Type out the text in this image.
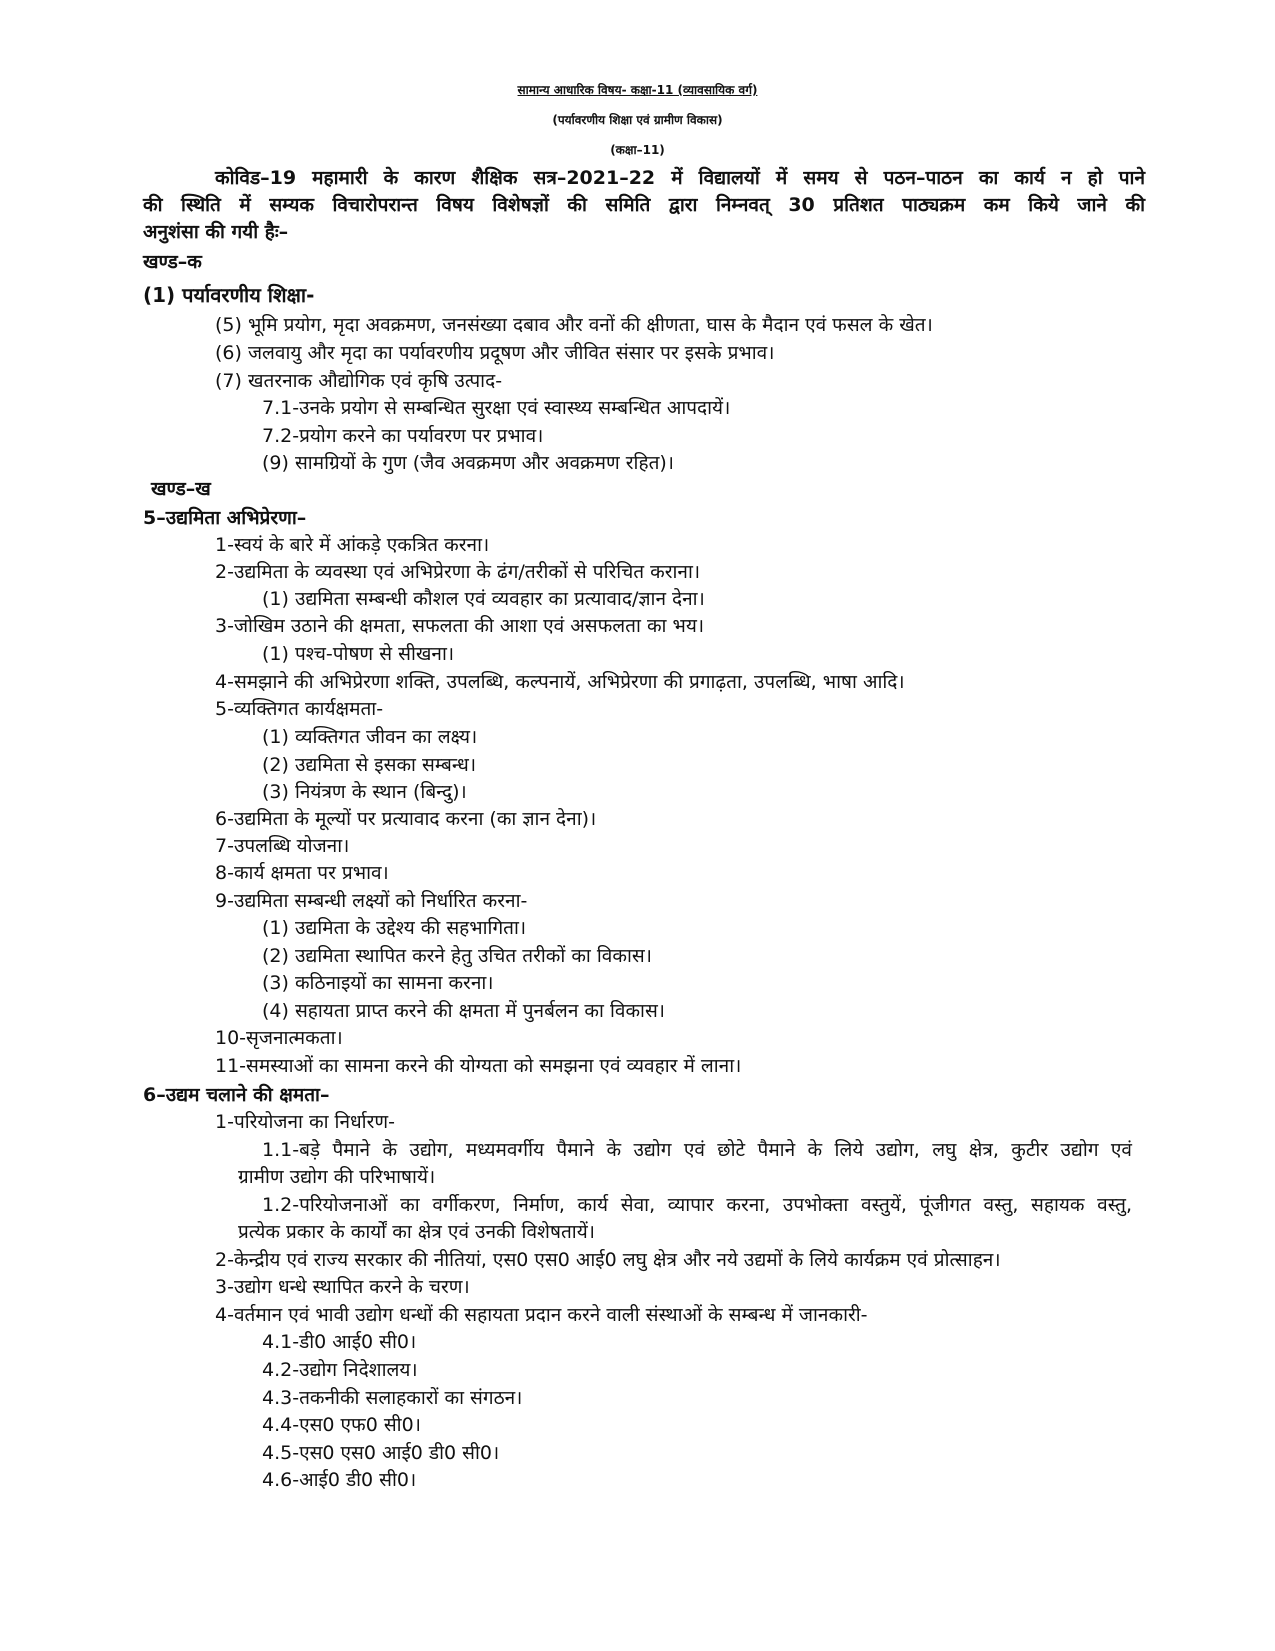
सामान्य आधारिक विषय- कक्षा-11 (व्यावसायिक वर्ग)
(पर्यावरणीय शिक्षा एवं ग्रामीण विकास)
(कक्षा–11)
कोविड–19 महामारी के कारण शैक्षिक सत्र–2021–22 में विद्यालयों में समय से पठन–पाठन का कार्य न हो पाने
की स्थिति में सम्यक विचारोपरान्त विषय विशेषज्ञों की समिति द्वारा निम्नवत् 30 प्रतिशत पाठ्यक्रम कम किये जाने की
अनुशंसा की गयी हैः–
खण्ड–क
(1) पर्यावरणीय शिक्षा-
(5) भूमि प्रयोग, मृदा अवक्रमण, जनसंख्या दबाव और वनों की क्षीणता, घास के मैदान एवं फसल के खेत।
(6) जलवायु और मृदा का पर्यावरणीय प्रदूषण और जीवित संसार पर इसके प्रभाव।
(7) खतरनाक औद्योगिक एवं कृषि उत्पाद-
7.1-उनके प्रयोग से सम्बन्धित सुरक्षा एवं स्वास्थ्य सम्बन्धित आपदायें।
7.2-प्रयोग करने का पर्यावरण पर प्रभाव।
(9) सामग्रियों के गुण (जैव अवक्रमण और अवक्रमण रहित)।
खण्ड–ख
5–उद्यमिता अभिप्रेरणा–
1-स्वयं के बारे में आंकड़े एकत्रित करना।
2-उद्यमिता के व्यवस्था एवं अभिप्रेरणा के ढंग/तरीकों से परिचित कराना।
(1) उद्यमिता सम्बन्धी कौशल एवं व्यवहार का प्रत्यावाद/ज्ञान देना।
3-जोखिम उठाने की क्षमता, सफलता की आशा एवं असफलता का भय।
(1) पश्च-पोषण से सीखना।
4-समझाने की अभिप्रेरणा शक्ति, उपलब्धि, कल्पनायें, अभिप्रेरणा की प्रगाढ़ता, उपलब्धि, भाषा आदि।
5-व्यक्तिगत कार्यक्षमता-
(1) व्यक्तिगत जीवन का लक्ष्य।
(2) उद्यमिता से इसका सम्बन्ध।
(3) नियंत्रण के स्थान (बिन्दु)।
6-उद्यमिता के मूल्यों पर प्रत्यावाद करना (का ज्ञान देना)।
7-उपलब्धि योजना।
8-कार्य क्षमता पर प्रभाव।
9-उद्यमिता सम्बन्धी लक्ष्यों को निर्धारित करना-
(1) उद्यमिता के उद्देश्य की सहभागिता।
(2) उद्यमिता स्थापित करने हेतु उचित तरीकों का विकास।
(3) कठिनाइयों का सामना करना।
(4) सहायता प्राप्त करने की क्षमता में पुनर्बलन का विकास।
10-सृजनात्मकता।
11-समस्याओं का सामना करने की योग्यता को समझना एवं व्यवहार में लाना।
6–उद्यम चलाने की क्षमता–
1-परियोजना का निर्धारण-
1.1-बड़े पैमाने के उद्योग, मध्यमवर्गीय पैमाने के उद्योग एवं छोटे पैमाने के लिये उद्योग, लघु क्षेत्र, कुटीर उद्योग एवं
ग्रामीण उद्योग की परिभाषायें।
1.2-परियोजनाओं का वर्गीकरण, निर्माण, कार्य सेवा, व्यापार करना, उपभोक्ता वस्तुयें, पूंजीगत वस्तु, सहायक वस्तु,
प्रत्येक प्रकार के कार्यों का क्षेत्र एवं उनकी विशेषतायें।
2-केन्द्रीय एवं राज्य सरकार की नीतियां, एस0 एस0 आई0 लघु क्षेत्र और नये उद्यमों के लिये कार्यक्रम एवं प्रोत्साहन।
3-उद्योग धन्धे स्थापित करने के चरण।
4-वर्तमान एवं भावी उद्योग धन्धों की सहायता प्रदान करने वाली संस्थाओं के सम्बन्ध में जानकारी-
4.1-डी0 आई0 सी0।
4.2-उद्योग निदेशालय।
4.3-तकनीकी सलाहकारों का संगठन।
4.4-एस0 एफ0 सी0।
4.5-एस0 एस0 आई0 डी0 सी0।
4.6-आई0 डी0 सी0।
